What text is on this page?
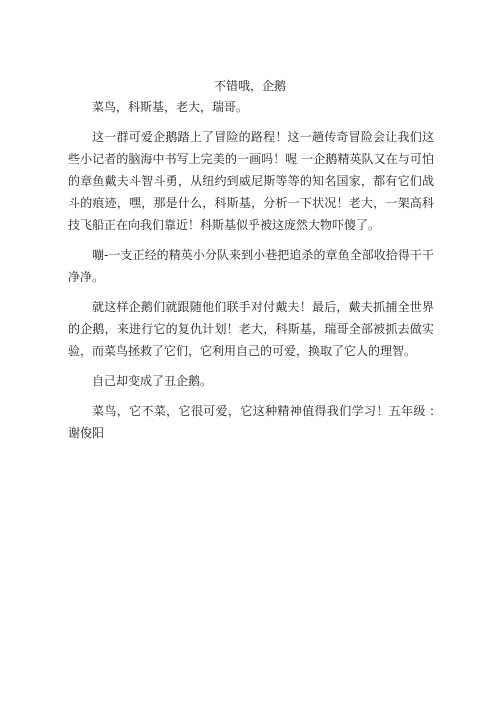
不错哦，企鹅

菜鸟，科斯基，老大，瑞哥。

这一群可爱企鹅踏上了冒险的路程！这一趟传奇冒险会让我们这 些小记者的脑海中书写上完美的一画吗！喔 一企鹅精英队又在与可怕 的章鱼戴夫斗智斗勇，从纽约到威尼斯等等的知名国家，都有它们战 斗的痕迹，嘿，那是什么，科斯基，分析一下状况！老大，一架高科 技飞船正在向我们靠近！科斯基似乎被这庞然大物吓傻了。

嘣-一支正经的精英小分队来到小巷把追杀的章鱼全部收拾得干干净净。

就这样企鹅们就跟随他们联手对付戴夫！最后，戴夫抓捕全世界 的企鹅，来进行它的复仇计划！老大，科斯基，瑞哥全部被抓去做实 验，而菜鸟拯救了它们，它利用自己的可爱，换取了它人的理智。

自己却变成了丑企鹅。

菜鸟，它不菜，它很可爱，它这种精神值得我们学习！五年级 :谢俊阳
